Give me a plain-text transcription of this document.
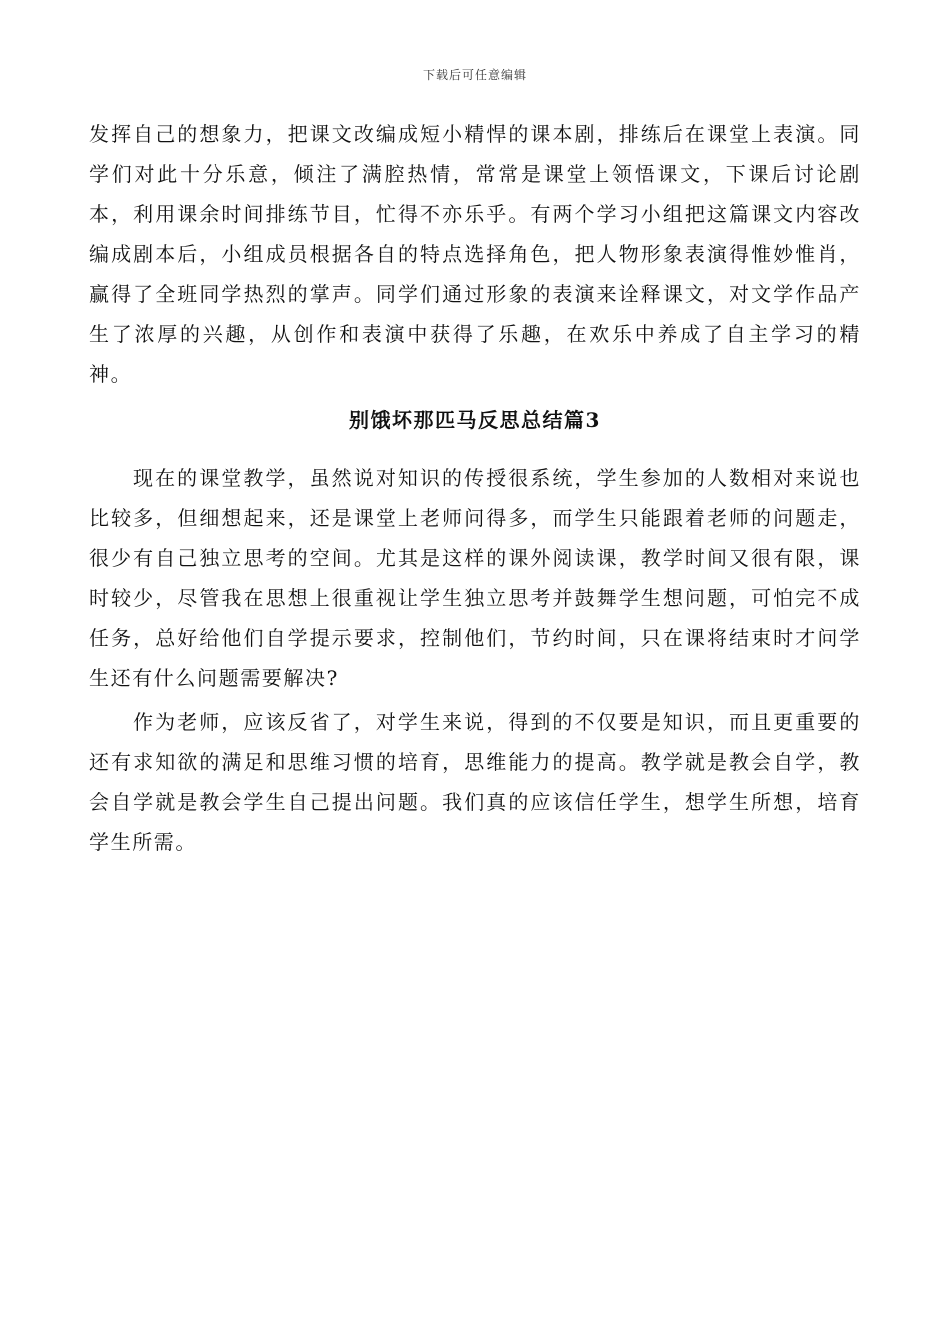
下载后可任意编辑

发挥自己的想象力，把课文改编成短小精悍的课本剧，排练后在课堂上表演。同学们对此十分乐意，倾注了满腔热情，常常是课堂上领悟课文，下课后讨论剧本，利用课余时间排练节目，忙得不亦乐乎。有两个学习小组把这篇课文内容改编成剧本后，小组成员根据各自的特点选择角色，把人物形象表演得惟妙惟肖，赢得了全班同学热烈的掌声。同学们通过形象的表演来诠释课文，对文学作品产生了浓厚的兴趣，从创作和表演中获得了乐趣，在欢乐中养成了自主学习的精神。

别饿坏那匹马反思总结篇3

现在的课堂教学，虽然说对知识的传授很系统，学生参加的人数相对来说也比较多，但细想起来，还是课堂上老师问得多，而学生只能跟着老师的问题走，很少有自己独立思考的空间。尤其是这样的课外阅读课，教学时间又很有限，课时较少，尽管我在思想上很重视让学生独立思考并鼓舞学生想问题，可怕完不成任务，总好给他们自学提示要求，控制他们，节约时间，只在课将结束时才问学生还有什么问题需要解决?

作为老师，应该反省了，对学生来说，得到的不仅要是知识，而且更重要的还有求知欲的满足和思维习惯的培育，思维能力的提高。教学就是教会自学，教会自学就是教会学生自己提出问题。我们真的应该信任学生，想学生所想，培育学生所需。
